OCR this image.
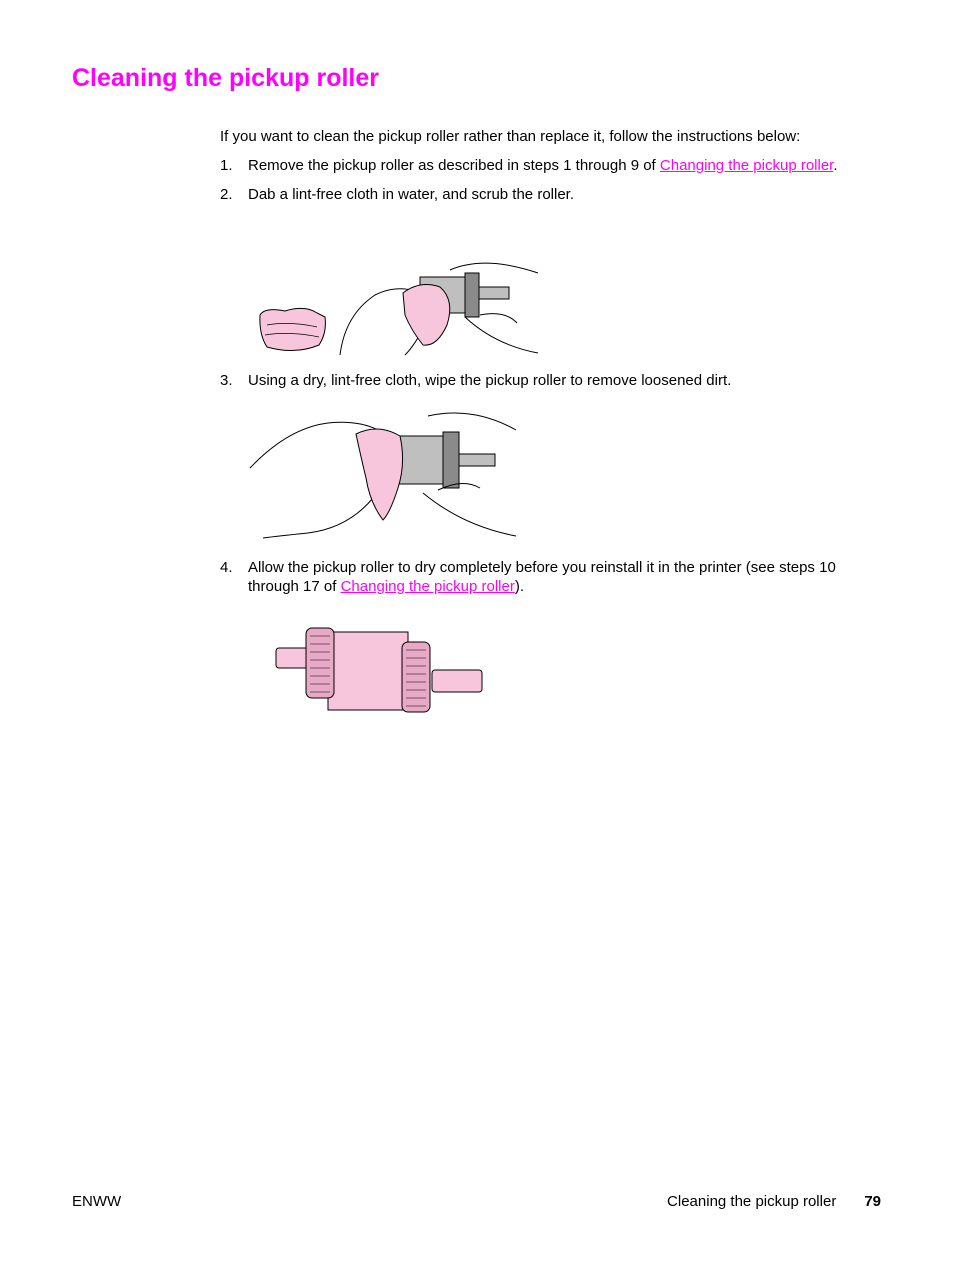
Cleaning the pickup roller

If you want to clean the pickup roller rather than replace it, follow the instructions below:

1. Remove the pickup roller as described in steps 1 through 9 of Changing the pickup roller.
2. Dab a lint-free cloth in water, and scrub the roller.
3. Using a dry, lint-free cloth, wipe the pickup roller to remove loosened dirt.
4. Allow the pickup roller to dry completely before you reinstall it in the printer (see steps 10 through 17 of Changing the pickup roller).
ENWW	Cleaning the pickup roller 79
